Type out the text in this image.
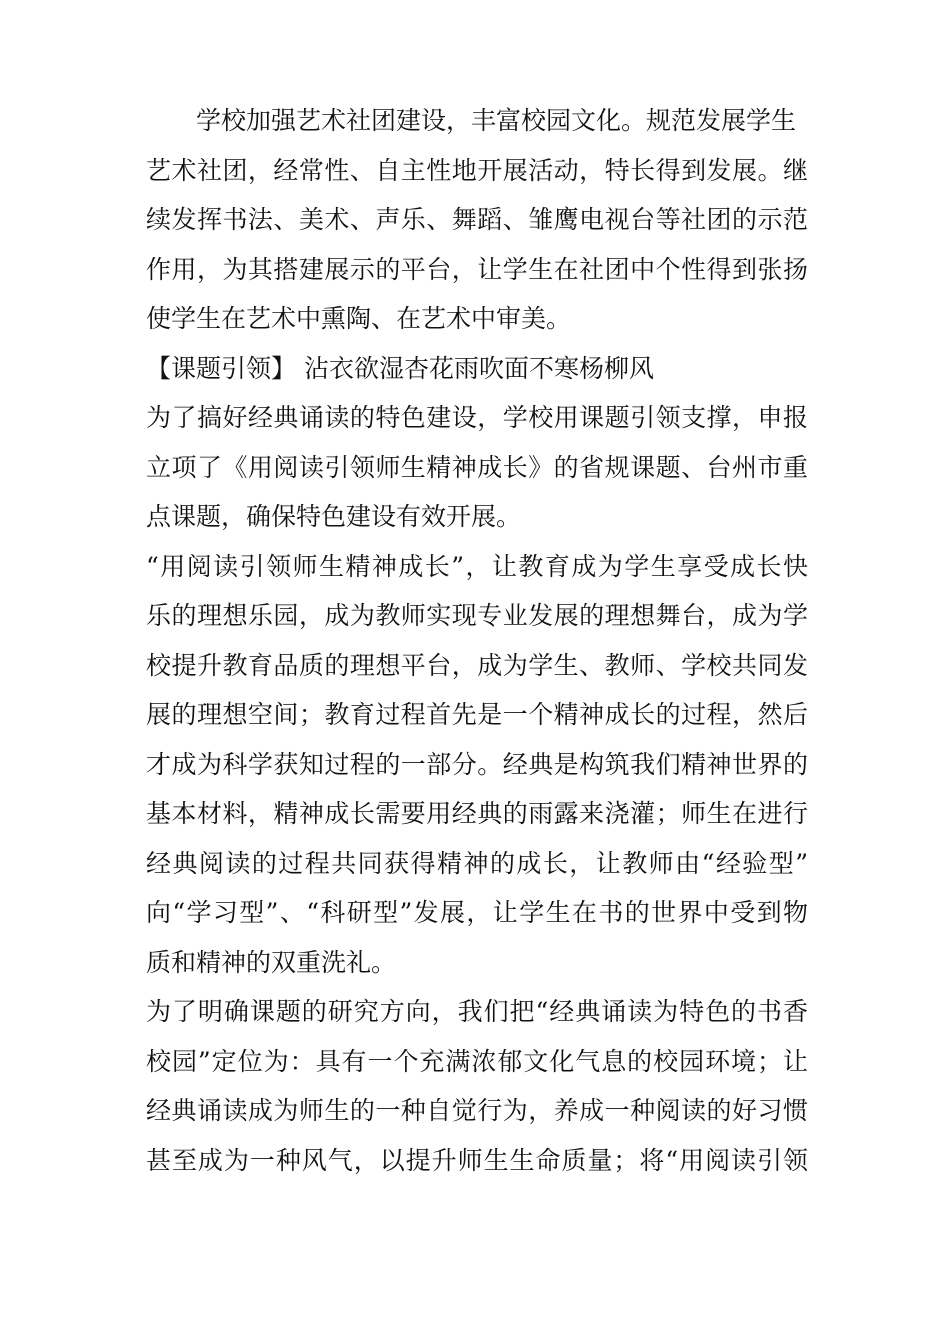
学校加强艺术社团建设，丰富校园文化。规范发展学生
艺术社团，经常性、自主性地开展活动，特长得到发展。继
续发挥书法、美术、声乐、舞蹈、雏鹰电视台等社团的示范
作用，为其搭建展示的平台，让学生在社团中个性得到张扬
使学生在艺术中熏陶、在艺术中审美。
【课题引领】 沾衣欲湿杏花雨吹面不寒杨柳风
为了搞好经典诵读的特色建设，学校用课题引领支撑，申报
立项了《用阅读引领师生精神成长》的省规课题、台州市重
点课题，确保特色建设有效开展。
“用阅读引领师生精神成长”，让教育成为学生享受成长快
乐的理想乐园，成为教师实现专业发展的理想舞台，成为学
校提升教育品质的理想平台，成为学生、教师、学校共同发
展的理想空间；教育过程首先是一个精神成长的过程，然后
才成为科学获知过程的一部分。经典是构筑我们精神世界的
基本材料，精神成长需要用经典的雨露来浇灌；师生在进行
经典阅读的过程共同获得精神的成长，让教师由“经验型”
向“学习型”、“科研型”发展，让学生在书的世界中受到物
质和精神的双重洗礼。
为了明确课题的研究方向，我们把“经典诵读为特色的书香
校园”定位为：具有一个充满浓郁文化气息的校园环境；让
经典诵读成为师生的一种自觉行为，养成一种阅读的好习惯
甚至成为一种风气，以提升师生生命质量；将“用阅读引领
